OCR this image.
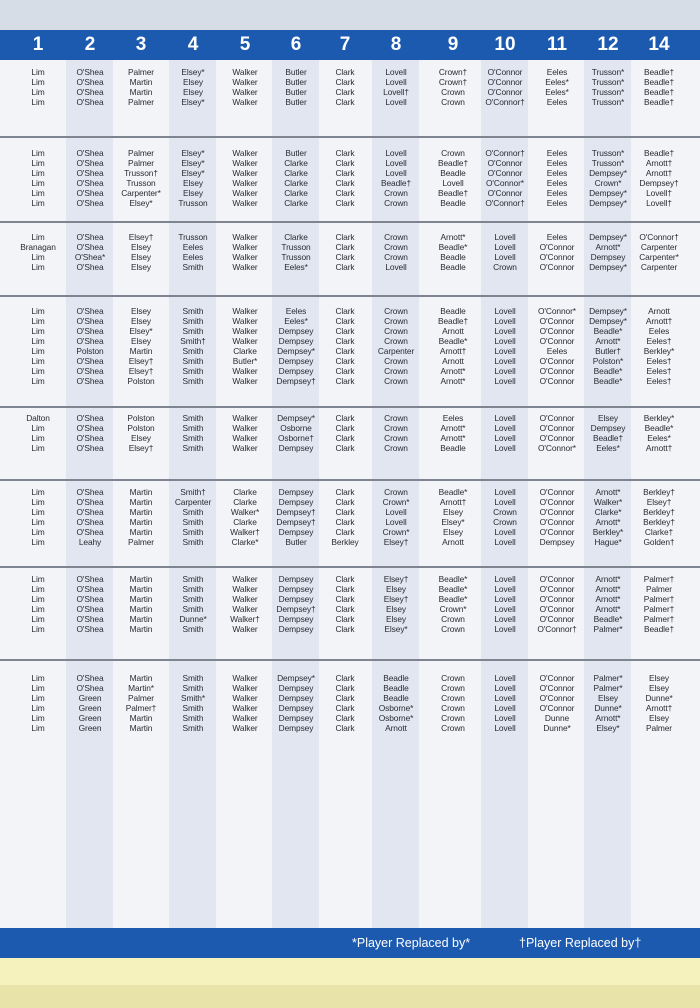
1	2	3	4	5	6	7	8	9	10	11	12	14
Lim	O'Shea	Palmer	Elsey*	Walker	Butler	Clark	Lovell	Crown†	O'Connor	Eeles	Trusson*	Beadle†
Lim	O'Shea	Martin	Elsey	Walker	Butler	Clark	Lovell	Crown†	O'Connor	Eeles*	Trusson*	Beadle†
Lim	O'Shea	Martin	Elsey	Walker	Butler	Clark	Lovell†	Crown	O'Connor	Eeles*	Trusson*	Beadle†
Lim	O'Shea	Palmer	Elsey*	Walker	Butler	Clark	Lovell	Crown	O'Connor†	Eeles	Trusson*	Beadle†
Lim	O'Shea	Palmer	Elsey*	Walker	Butler	Clark	Lovell	Crown	O'Connor†	Eeles	Trusson*	Beadle†
Lim	O'Shea	Palmer	Elsey*	Walker	Clarke	Clark	Lovell	Beadle†	O'Connor	Eeles	Trusson*	Arnott†
Lim	O'Shea	Trusson†	Elsey*	Walker	Clarke	Clark	Lovell	Beadle	O'Connor	Eeles	Dempsey*	Arnott†
Lim	O'Shea	Trusson	Elsey	Walker	Clarke	Clark	Beadle†	Lovell	O'Connor*	Eeles	Crown*	Dempsey†
Lim	O'Shea	Carpenter*	Elsey	Walker	Clarke	Clark	Crown	Beadle†	O'Connor	Eeles	Dempsey*	Lovell†
Lim	O'Shea	Elsey*	Trusson	Walker	Clarke	Clark	Crown	Beadle	O'Connor†	Eeles	Dempsey*	Lovell†
Lim	O'Shea	Elsey†	Trusson	Walker	Clarke	Clark	Crown	Arnott*	Lovell	Eeles	Dempsey*	O'Connor†
Branagan	O'Shea	Elsey	Eeles	Walker	Trusson	Clark	Crown	Beadle*	Lovell	O'Connor	Arnott*	Carpenter
Lim	O'Shea*	Elsey	Eeles	Walker	Trusson	Clark	Crown	Beadle	Lovell	O'Connor	Dempsey	Carpenter*
Lim	O'Shea	Elsey	Smith	Walker	Eeles*	Clark	Lovell	Beadle	Crown	O'Connor	Dempsey*	Carpenter
Lim	O'Shea	Elsey	Smith	Walker	Eeles	Clark	Crown	Beadle	Lovell	O'Connor*	Dempsey*	Arnott
Lim	O'Shea	Elsey	Smith	Walker	Eeles*	Clark	Crown	Beadle†	Lovell	O'Connor	Dempsey*	Arnott†
Lim	O'Shea	Elsey*	Smith	Walker	Dempsey	Clark	Crown	Arnott	Lovell	O'Connor	Beadle*	Eeles
Lim	O'Shea	Elsey	Smith†	Walker	Dempsey	Clark	Crown	Beadle*	Lovell	O'Connor	Arnott*	Eeles†
Lim	Polston	Martin	Smith	Clarke	Dempsey*	Clark	Carpenter	Arnott†	Lovell	Eeles	Butler†	Berkley*
Lim	O'Shea	Elsey†	Smith	Butler*	Dempsey	Clark	Crown	Arnott	Lovell	O'Connor	Polston*	Eeles†
Lim	O'Shea	Elsey†	Smith	Walker	Dempsey	Clark	Crown	Arnott*	Lovell	O'Connor	Beadle*	Eeles†
Lim	O'Shea	Polston	Smith	Walker	Dempsey†	Clark	Crown	Arnott*	Lovell	O'Connor	Beadle*	Eeles†
Dalton	O'Shea	Polston	Smith	Walker	Dempsey*	Clark	Crown	Eeles	Lovell	O'Connor	Elsey	Berkley*
Lim	O'Shea	Polston	Smith	Walker	Osborne	Clark	Crown	Arnott*	Lovell	O'Connor	Dempsey	Beadle*
Lim	O'Shea	Elsey	Smith	Walker	Osborne†	Clark	Crown	Arnott*	Lovell	O'Connor	Beadle†	Eeles*
Lim	O'Shea	Elsey†	Smith	Walker	Dempsey	Clark	Crown	Beadle	Lovell	O'Connor*	Eeles*	Arnott†
Lim	O'Shea	Martin	Smith†	Clarke	Dempsey	Clark	Crown	Beadle*	Lovell	O'Connor	Arnott*	Berkley†
Lim	O'Shea	Martin	Carpenter	Clarke	Dempsey	Clark	Crown*	Arnott†	Lovell	O'Connor	Walker*	Elsey†
Lim	O'Shea	Martin	Smith	Walker*	Dempsey†	Clark	Lovell	Elsey	Crown	O'Connor	Clarke*	Berkley†
Lim	O'Shea	Martin	Smith	Clarke	Dempsey†	Clark	Lovell	Elsey*	Crown	O'Connor	Arnott*	Berkley†
Lim	O'Shea	Martin	Smith	Walker†	Dempsey	Clark	Crown*	Elsey	Lovell	O'Connor	Berkley*	Clarke†
Lim	Leahy	Palmer	Smith	Clarke*	Butler	Berkley	Elsey†	Arnott	Lovell	Dempsey	Hague*	Golden†
Lim	O'Shea	Martin	Smith	Walker	Dempsey	Clark	Elsey†	Beadle*	Lovell	O'Connor	Arnott*	Palmer†
Lim	O'Shea	Martin	Smith	Walker	Dempsey	Clark	Elsey	Beadle*	Lovell	O'Connor	Arnott*	Palmer
Lim	O'Shea	Martin	Smith	Walker	Dempsey	Clark	Elsey†	Beadle*	Lovell	O'Connor	Arnott*	Palmer†
Lim	O'Shea	Martin	Smith	Walker	Dempsey†	Clark	Elsey	Crown*	Lovell	O'Connor	Arnott*	Palmer†
Lim	O'Shea	Martin	Dunne*	Walker†	Dempsey	Clark	Elsey	Crown	Lovell	O'Connor	Beadle*	Palmer†
Lim	O'Shea	Martin	Smith	Walker	Dempsey	Clark	Elsey*	Crown	Lovell	O'Connor†	Palmer*	Beadle†
Lim	O'Shea	Martin	Smith	Walker	Dempsey*	Clark	Beadle	Crown	Lovell	O'Connor	Palmer*	Elsey
Lim	O'Shea	Martin*	Smith	Walker	Dempsey	Clark	Beadle	Crown	Lovell	O'Connor	Palmer*	Elsey
Lim	Green	Palmer	Smith*	Walker	Dempsey	Clark	Beadle	Crown	Lovell	O'Connor	Elsey	Dunne*
Lim	Green	Palmer†	Smith	Walker	Dempsey	Clark	Osborne*	Crown	Lovell	O'Connor	Dunne*	Arnott†
Lim	Green	Martin	Smith	Walker	Dempsey	Clark	Osborne*	Crown	Lovell	Dunne	Arnott*	Elsey
Lim	Green	Martin	Smith	Walker	Dempsey	Clark	Arnott	Crown	Lovell	Dunne*	Elsey*	Palmer
*Player Replaced by*	†Player Replaced by†
